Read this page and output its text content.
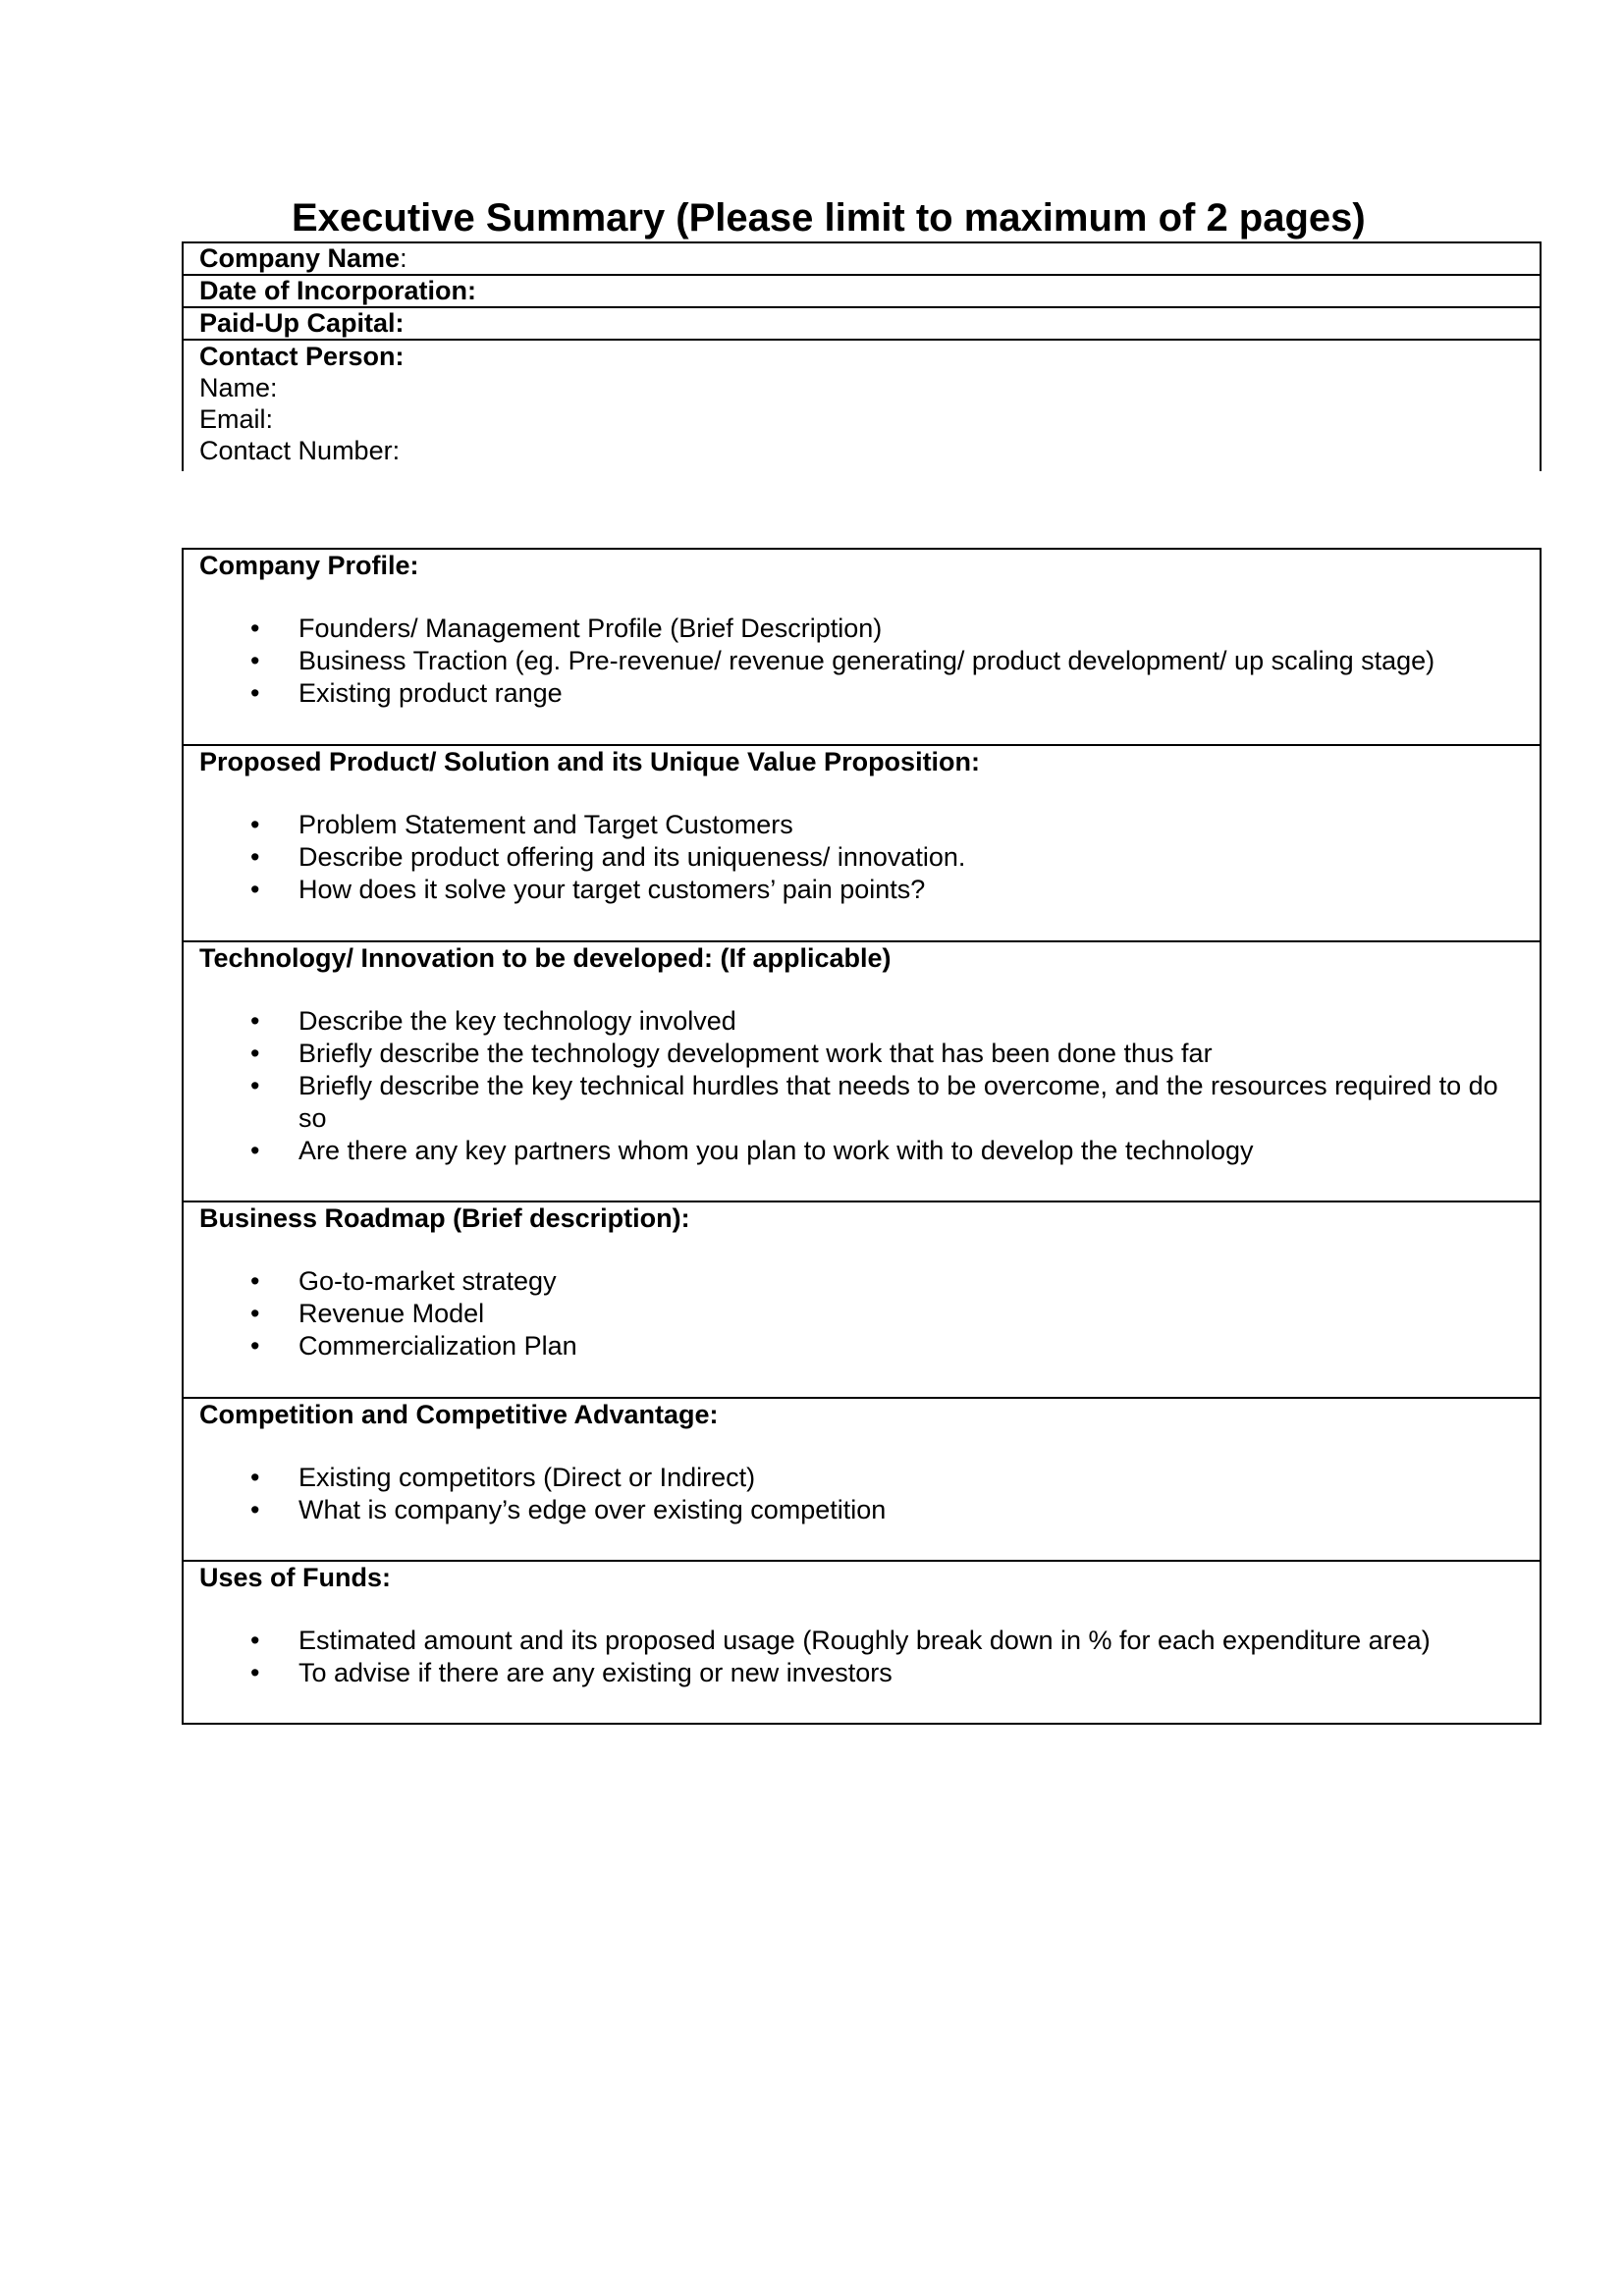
Executive Summary (Please limit to maximum of 2 pages)
Company Name:
Date of Incorporation:
Paid-Up Capital:
Contact Person:
Name:
Email:
Contact Number:
Company Profile:
• Founders/ Management Profile (Brief Description)
• Business Traction (eg. Pre-revenue/ revenue generating/ product development/ up scaling stage)
• Existing product range
Proposed Product/ Solution and its Unique Value Proposition:
• Problem Statement and Target Customers
• Describe product offering and its uniqueness/ innovation.
• How does it solve your target customers’ pain points?
Technology/ Innovation to be developed: (If applicable)
• Describe the key technology involved
• Briefly describe the technology development work that has been done thus far
• Briefly describe the key technical hurdles that needs to be overcome, and the resources required to do so
• Are there any key partners whom you plan to work with to develop the technology
Business Roadmap (Brief description):
• Go-to-market strategy
• Revenue Model
• Commercialization Plan
Competition and Competitive Advantage:
• Existing competitors (Direct or Indirect)
• What is company’s edge over existing competition
Uses of Funds:
• Estimated amount and its proposed usage (Roughly break down in % for each expenditure area)
• To advise if there are any existing or new investors
